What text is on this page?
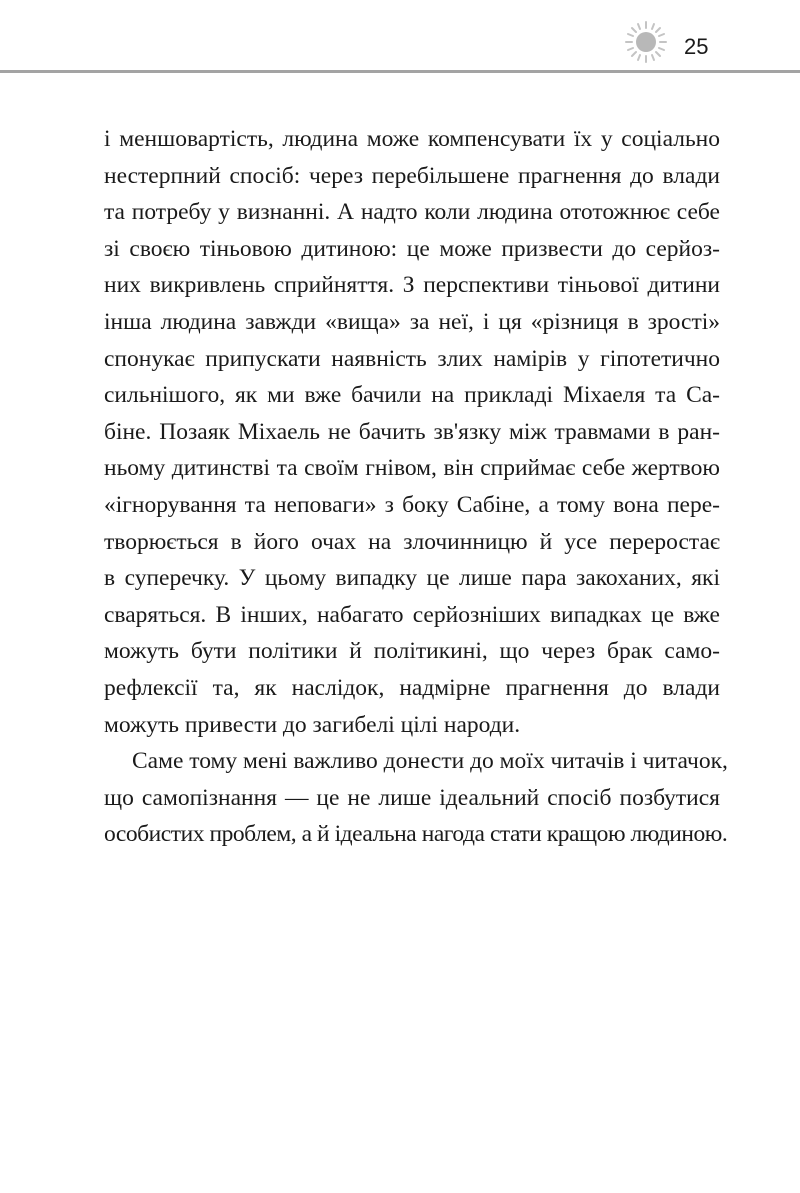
25

і меншовартість, людина може компенсувати їх у соціально
нестерпний спосіб: через перебільшене прагнення до влади
та потребу у визнанні. А надто коли людина ототожнює себе
зі своєю тіньовою дитиною: це може призвести до серйоз-
них викривлень сприйняття. З перспективи тіньової дитини
інша людина завжди «вища» за неї, і ця «різниця в зрості»
спонукає припускати наявність злих намірів у гіпотетично
сильнішого, як ми вже бачили на прикладі Міхаеля та Са-
біне. Позаяк Міхаель не бачить зв'язку між травмами в ран-
ньому дитинстві та своїм гнівом, він сприймає себе жертвою
«ігнорування та неповаги» з боку Сабіне, а тому вона пере-
творюється в його очах на злочинницю й усе переростає
в суперечку. У цьому випадку це лише пара закоханих, які
сваряться. В інших, набагато серйозніших випадках це вже
можуть бути політики й політикині, що через брак само-
рефлексії та, як наслідок, надмірне прагнення до влади
можуть привести до загибелі цілі народи.

Саме тому мені важливо донести до моїх читачів і читачок,
що самопізнання — це не лише ідеальний спосіб позбутися
особистих проблем, а й ідеальна нагода стати кращою людиною.
